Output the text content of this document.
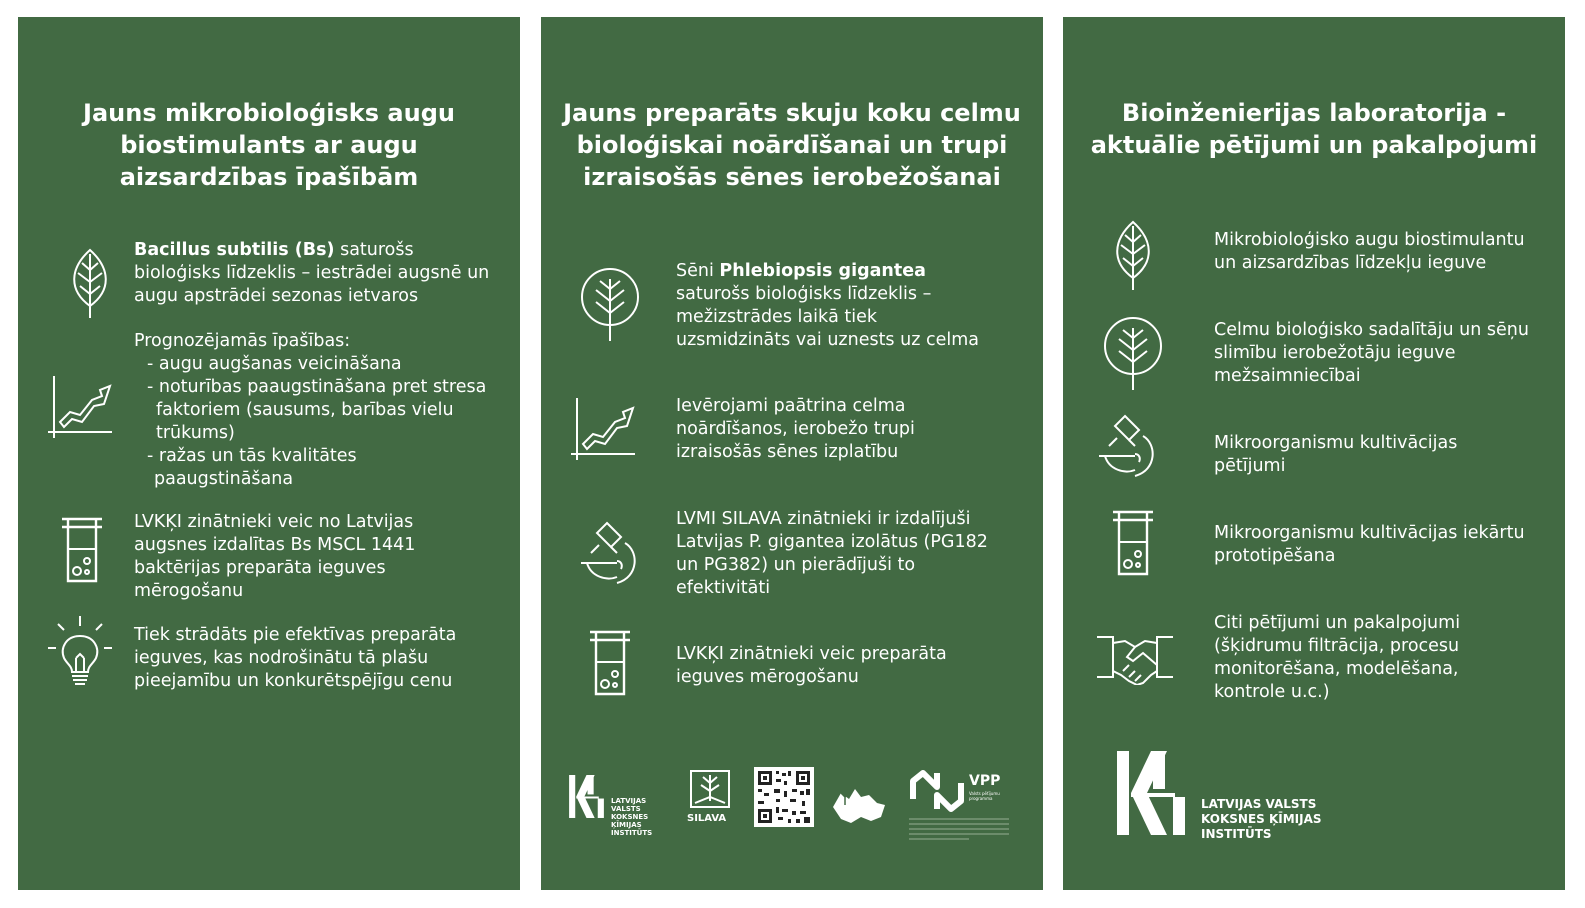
Jauns mikrobioloģisks augu biostimulants ar augu aizsardzības īpašībām

Bacillus subtilis (Bs) saturošs bioloģisks līdzeklis – iestrādei augsnē un augu apstrādei sezonas ietvaros

Prognozējamās īpašības:
- augu augšanas veicināšana
- noturības paaugstināšana pret stresa
faktoriem (sausums, barības vielu
trūkums)
- ražas un tās kvalitātes
paaugstināšana

LVKĶI zinātnieki veic no Latvijas augsnes izdalītas Bs MSCL 1441 baktērijas preparāta ieguves mērogošanu

Tiek strādāts pie efektīvas preparāta ieguves, kas nodrošinātu tā plašu pieejamību un konkurētspējīgu cenu

Jauns preparāts skuju koku celmu bioloģiskai noārdīšanai un trupi izraisošās sēnes ierobežošanai

Sēni Phlebiopsis gigantea saturošs bioloģisks līdzeklis – mežizstrādes laikā tiek uzsmidzināts vai uznests uz celma

Ievērojami paātrina celma noārdīšanos, ierobežo trupi izraisošās sēnes izplatību

LVMI SILAVA zinātnieki ir izdalījuši Latvijas P. gigantea izolātus (PG182 un PG382) un pierādījuši to efektivitāti

LVKĶI zinātnieki veic preparāta ieguves mērogošanu

LATVIJAS VALSTS KOKSNES ĶĪMIJAS INSTITŪTS
SILAVA
VPP
Valsts pētījumu programma
Bioinženierijas laboratorija - aktuālie pētījumi un pakalpojumi

Mikrobioloģisko augu biostimulantu un aizsardzības līdzekļu ieguve

Celmu bioloģisko sadalītāju un sēņu slimību ierobežotāju ieguve mežsaimniecībai

Mikroorganismu kultivācijas pētījumi

Mikroorganismu kultivācijas iekārtu prototipēšana

Citi pētījumi un pakalpojumi (šķidrumu filtrācija, procesu monitorēšana, modelēšana, kontrole u.c.)

LATVIJAS VALSTS
KOKSNES ĶĪMIJAS
INSTITŪTS
